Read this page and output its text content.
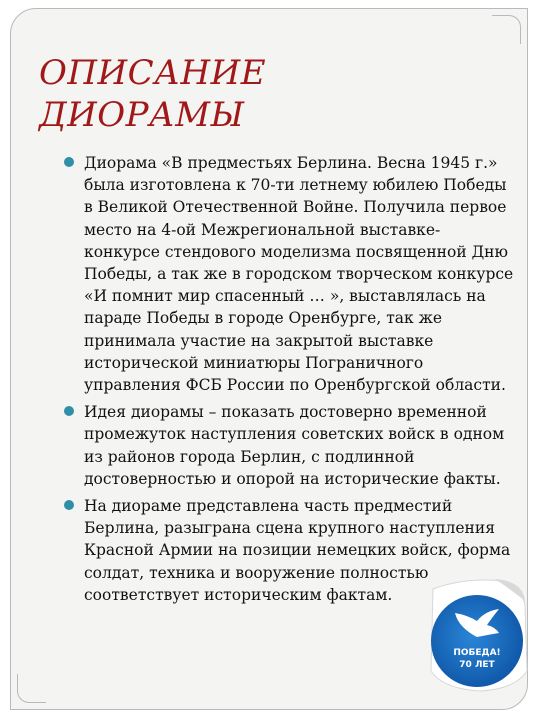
ОПИСАНИЕ
ДИОРАМЫ
Диорама «В предместьях Берлина. Весна 1945 г.»
была изготовлена к 70-ти летнему юбилею Победы
в Великой Отечественной Войне. Получила первое
место на 4-ой Межрегиональной выставке-
конкурсе стендового моделизма посвященной Дню
Победы, а так же в городском творческом конкурсе
«И помнит мир спасенный … », выставлялась на
параде Победы в городе Оренбурге, так же
принимала участие на закрытой выставке
исторической миниатюры Пограничного
управления ФСБ России по Оренбургской области.
Идея диорамы – показать достоверно временной
промежуток наступления советских войск в одном
из районов города Берлин, с подлинной
достоверностью и опорой на исторические факты.
На диораме представлена часть предместий
Берлина, разыграна сцена крупного наступления
Красной Армии на позиции немецких войск, форма
солдат, техника и вооружение полностью
соответствует историческим фактам.
ПОБЕДА!
70 ЛЕТ
